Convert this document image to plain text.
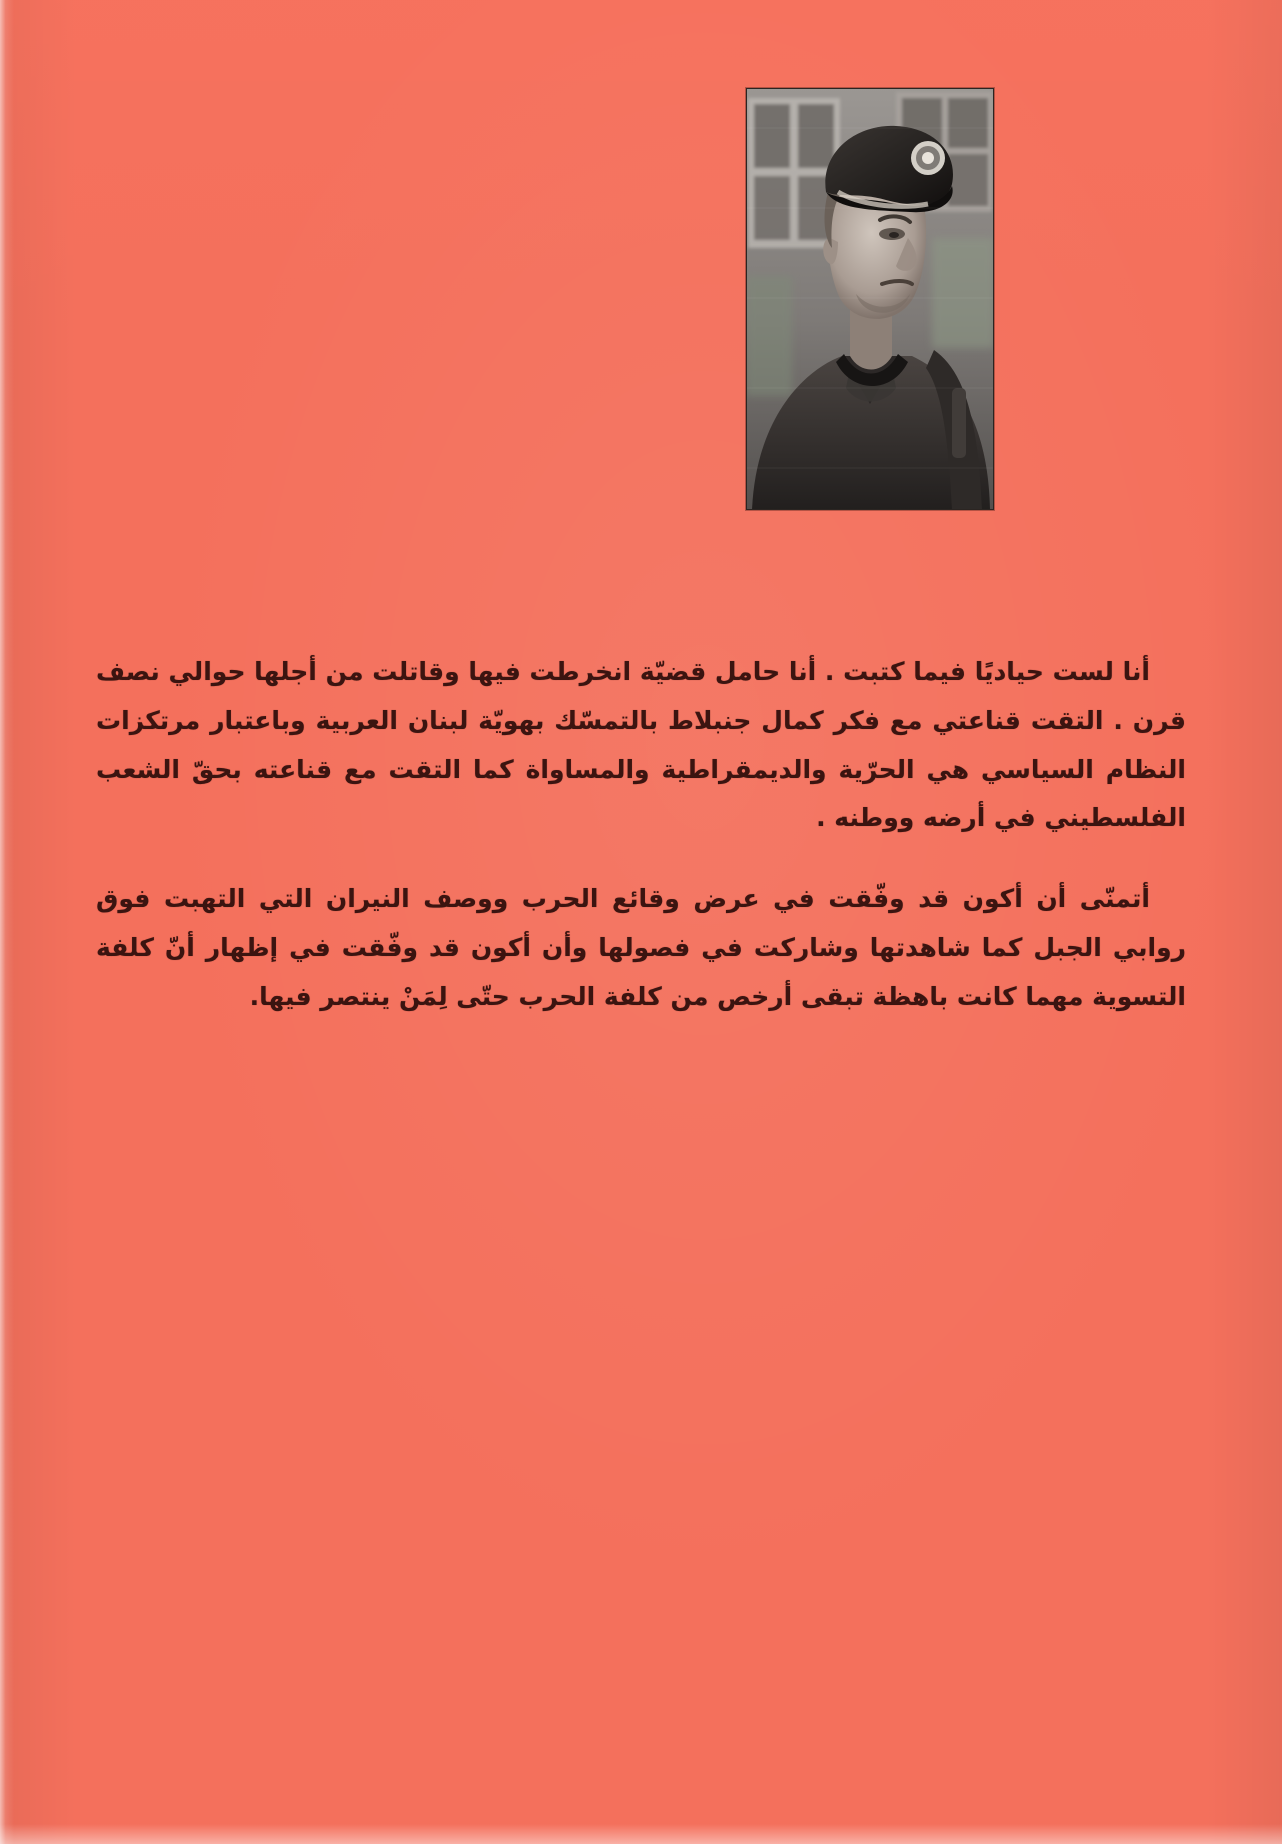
أنا لست حياديًا فيما كتبت . أنا حامل قضيّة انخرطت فيها وقاتلت من أجلها حوالي نصف قرن . التقت قناعتي مع فكر كمال جنبلاط بالتمسّك بهويّة لبنان العربية وباعتبار مرتكزات النظام السياسي هي الحرّية والديمقراطية والمساواة كما التقت مع قناعته بحقّ الشعب الفلسطيني في أرضه ووطنه .

أتمنّى أن أكون قد وفّقت في عرض وقائع الحرب ووصف النيران التي التهبت فوق روابي الجبل كما شاهدتها وشاركت في فصولها وأن أكون قد وفّقت في إظهار أنّ كلفة التسوية مهما كانت باهظة تبقى أرخص من كلفة الحرب حتّى لِمَنْ ينتصر فيها.
